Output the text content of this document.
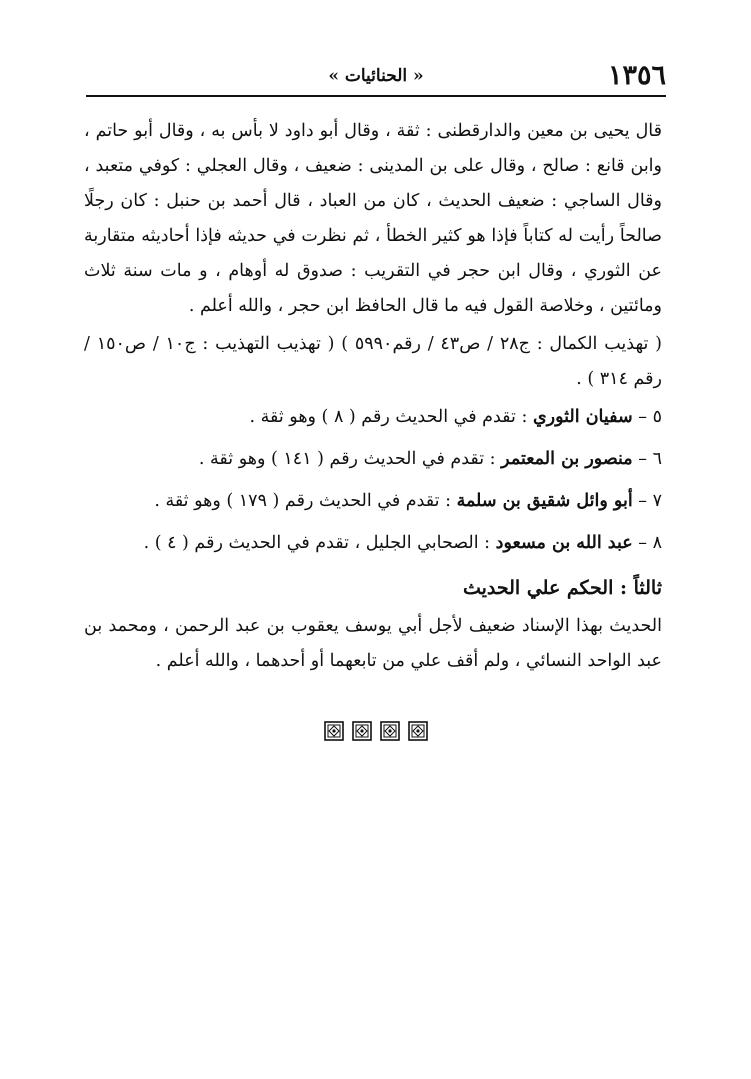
١٣٥٦
« الحنائيات »

قال يحيى بن معين والدارقطنى : ثقة ، وقال أبو داود لا بأس به ، وقال أبو حاتم ، وابن قانع : صالح ، وقال على بن المدينى : ضعيف ، وقال العجلي : كوفي متعبد ، وقال الساجي : ضعيف الحديث ، كان من العباد ، قال أحمد بن حنبل : كان رجلًا صالحاً رأيت له كتاباً فإذا هو كثير الخطأ ، ثم نظرت في حديثه فإذا أحاديثه متقاربة عن الثوري ، وقال ابن حجر في التقريب : صدوق له أوهام ، و مات سنة ثلاث ومائتين ، وخلاصة القول فيه ما قال الحافظ ابن حجر ، والله أعلم .

( تهذيب الكمال : ج٢٨ / ص٤٣ / رقم٥٩٩٠ ) ( تهذيب التهذيب : ج١٠ / ص١٥٠ / رقم ٣١٤ ) .

٥ – سفيان الثوري : تقدم في الحديث رقم ( ٨ ) وهو ثقة .

٦ – منصور بن المعتمر : تقدم في الحديث رقم ( ١٤١ ) وهو ثقة .

٧ – أبو وائل شقيق بن سلمة : تقدم في الحديث رقم ( ١٧٩ ) وهو ثقة .

٨ – عبد الله بن مسعود : الصحابي الجليل ، تقدم في الحديث رقم ( ٤ ) .

ثالثاً : الحكم علي الحديث

الحديث بهذا الإسناد ضعيف لأجل أبي يوسف يعقوب بن عبد الرحمن ، ومحمد بن عبد الواحد النسائي ، ولم أقف علي من تابعهما أو أحدهما ، والله أعلم .
